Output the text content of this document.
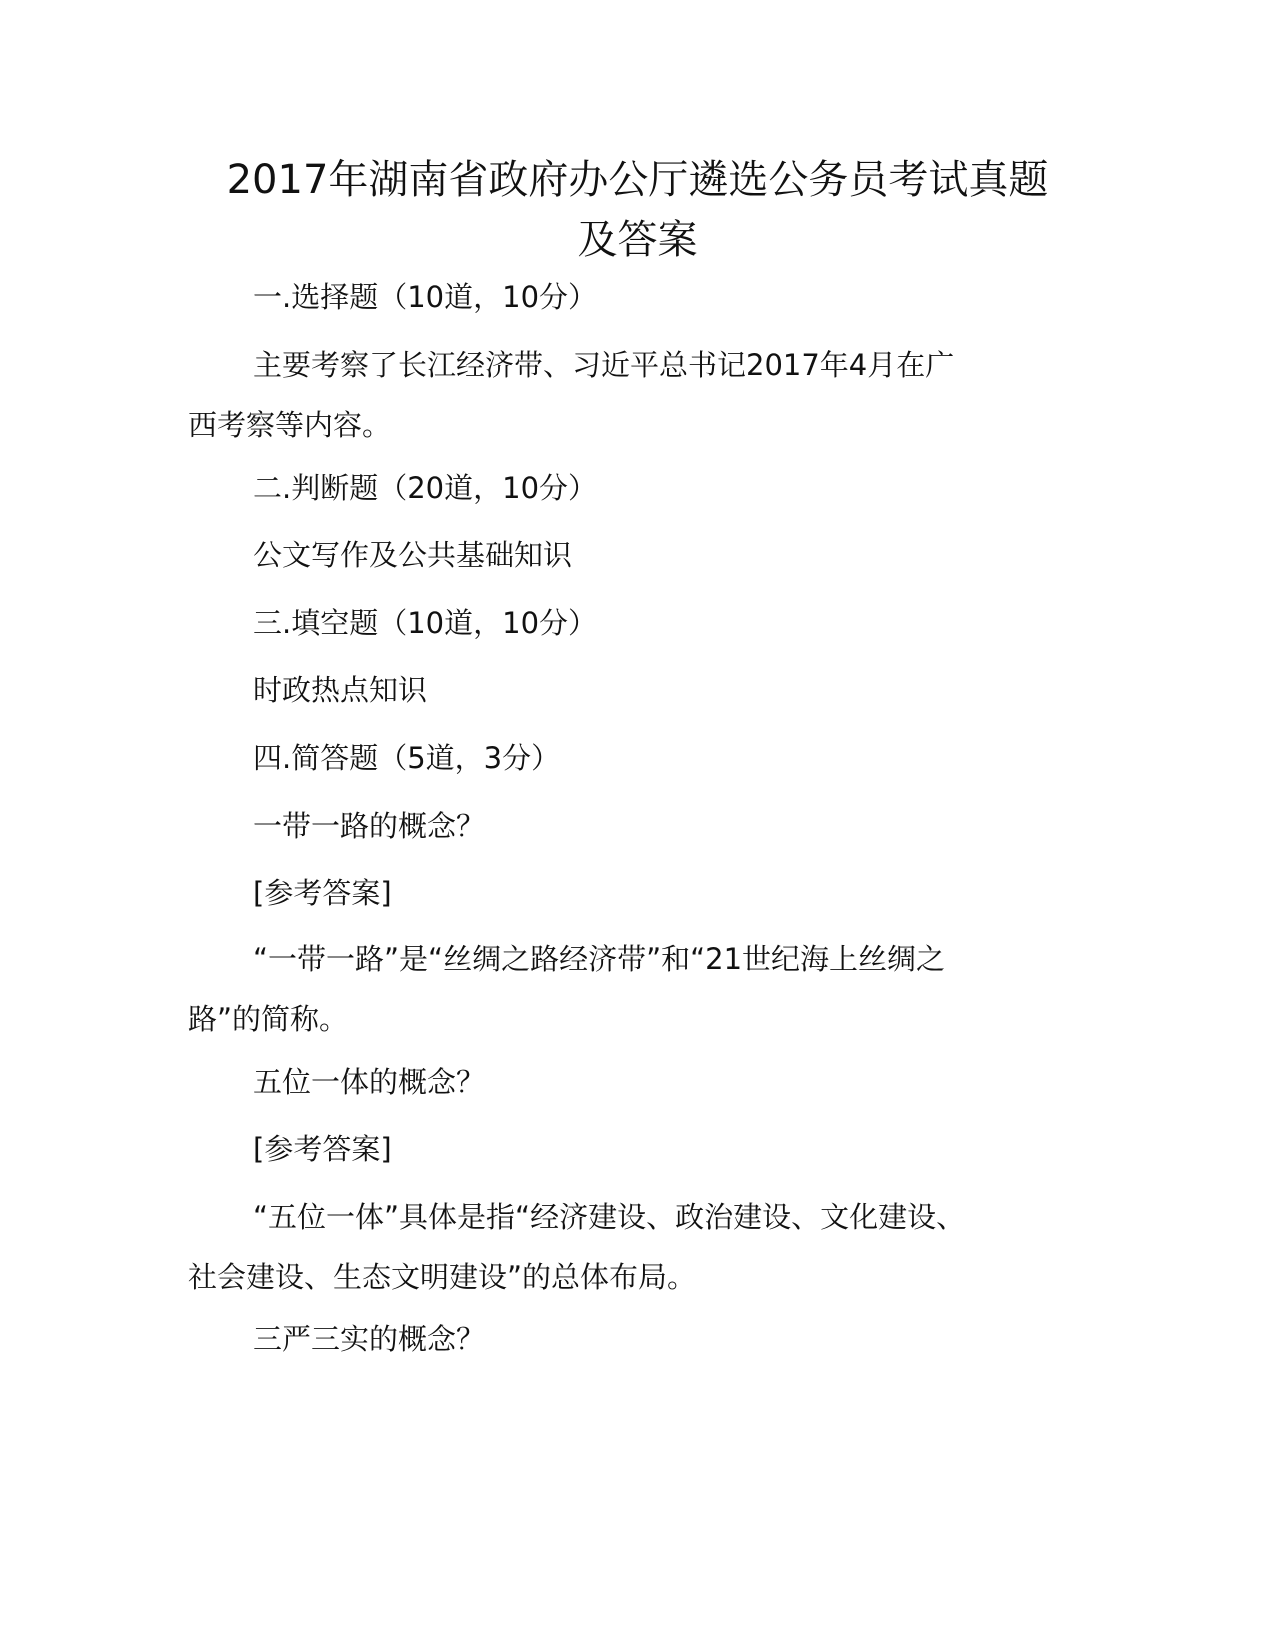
2017年湖南省政府办公厅遴选公务员考试真题
及答案

一.选择题（10道，10分）

主要考察了长江经济带、习近平总书记2017年4月在广
西考察等内容。

二.判断题（20道，10分）

公文写作及公共基础知识

三.填空题（10道，10分）

时政热点知识

四.简答题（5道，3分）

一带一路的概念？

[参考答案]

“一带一路”是“丝绸之路经济带”和“21世纪海上丝绸之
路”的简称。

五位一体的概念？

[参考答案]

“五位一体”具体是指“经济建设、政治建设、文化建设、
社会建设、生态文明建设”的总体布局。

三严三实的概念？
